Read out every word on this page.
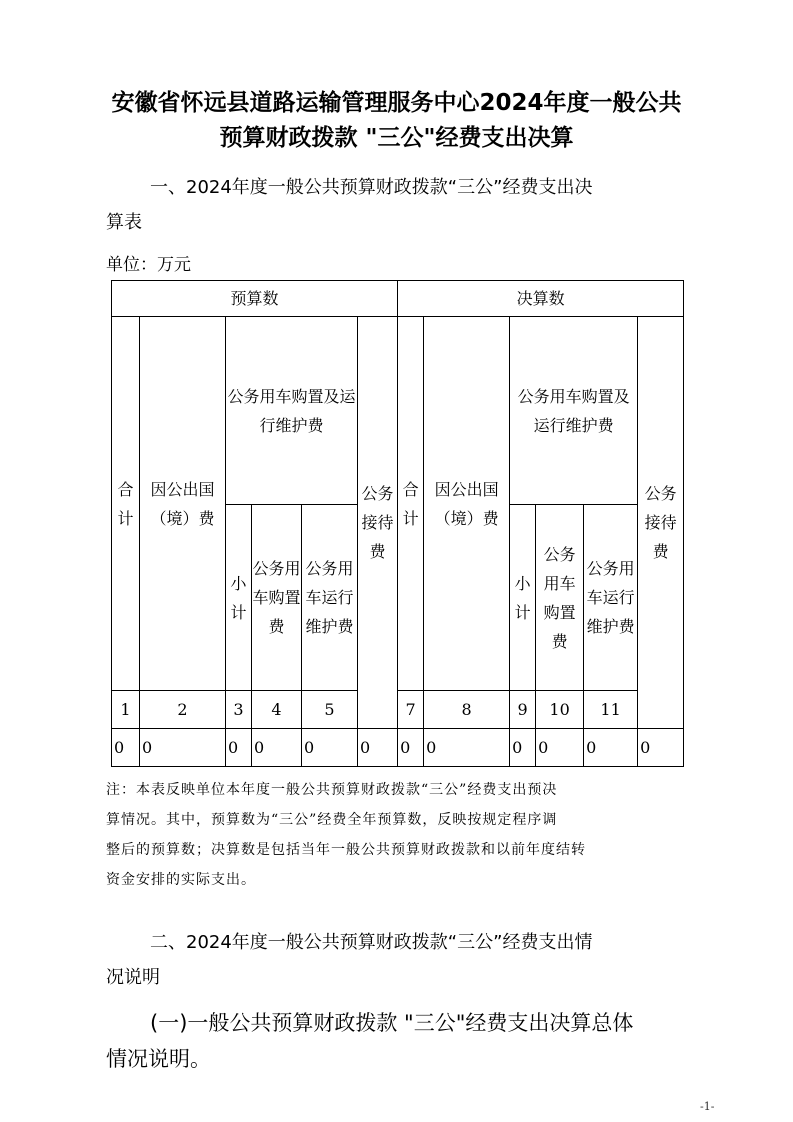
安徽省怀远县道路运输管理服务中心2024年度一般公共
预算财政拨款 "三公"经费支出决算
一、2024年度一般公共预算财政拨款“三公”经费支出决
算表
单位：万元
预算数						决算数					
合计	因公出国（境）费	公务用车购置及运行维护费			公务接待费	合计	因公出国（境）费	公务用车购置及运行维护费			公务接待费
		小计	公务用车购置费	公务用车运行维护费				小计	公务用车购置费	公务用车运行维护费	
1	2	3	4	5		7	8	9	10	11	
0	0	0	0	0	0	0	0	0	0	0	0
注：本表反映单位本年度一般公共预算财政拨款“三公”经费支出预决
算情况。其中，预算数为“三公”经费全年预算数，反映按规定程序调
整后的预算数；决算数是包括当年一般公共预算财政拨款和以前年度结转
资金安排的实际支出。
二、2024年度一般公共预算财政拨款“三公”经费支出情
况说明
(一)一般公共预算财政拨款 "三公"经费支出决算总体
情况说明。
-1-
